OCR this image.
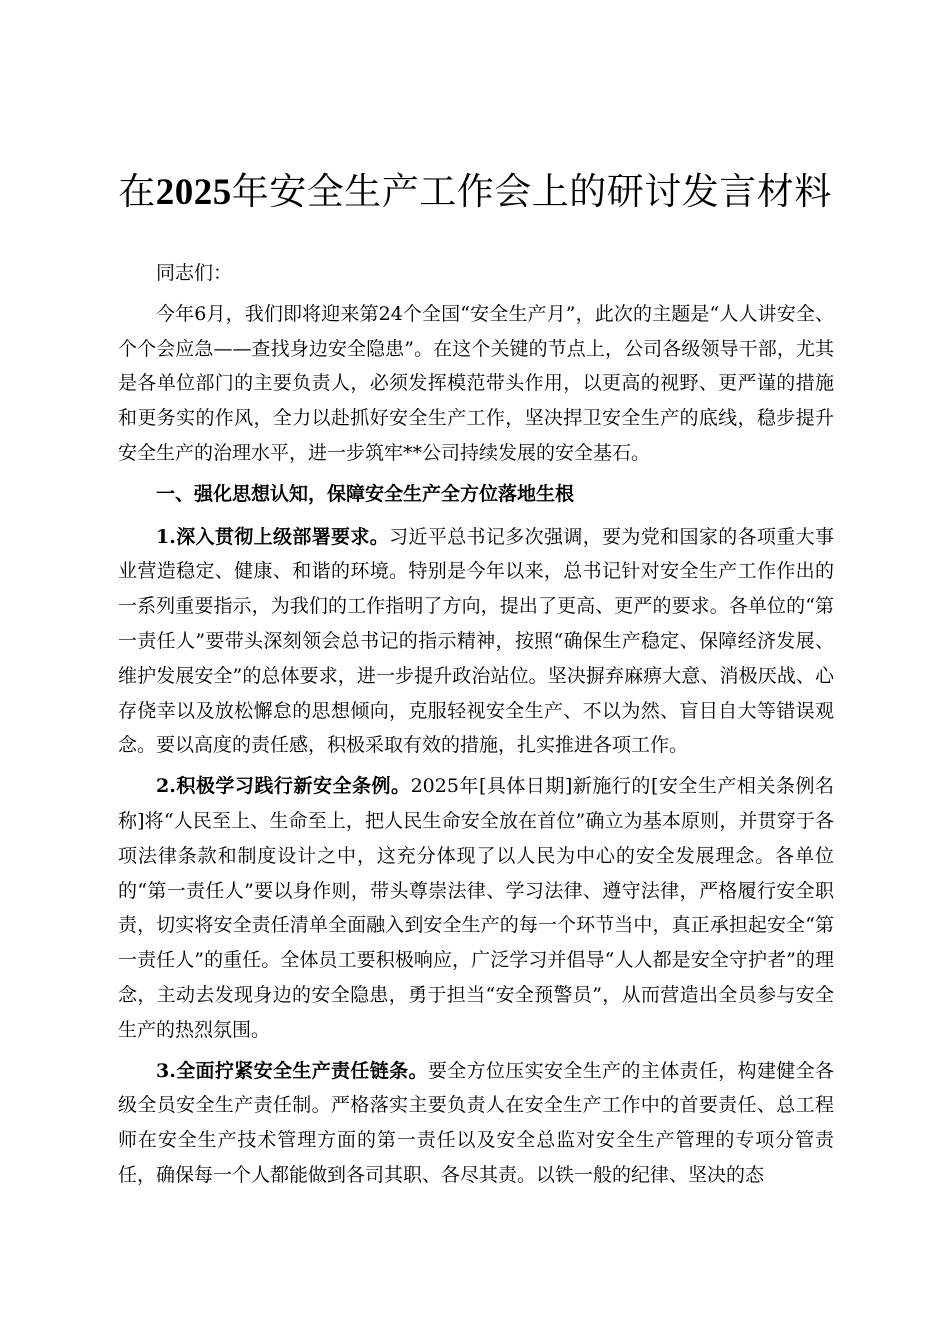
在2025年安全生产工作会上的研讨发言材料

同志们：

今年6月，我们即将迎来第24个全国“安全生产月”，此次的主题是“人人讲安全、个个会应急——查找身边安全隐患”。在这个关键的节点上，公司各级领导干部，尤其是各单位部门的主要负责人，必须发挥模范带头作用，以更高的视野、更严谨的措施和更务实的作风，全力以赴抓好安全生产工作，坚决捍卫安全生产的底线，稳步提升安全生产的治理水平，进一步筑牢**公司持续发展的安全基石。

一、强化思想认知，保障安全生产全方位落地生根

1.深入贯彻上级部署要求。习近平总书记多次强调，要为党和国家的各项重大事业营造稳定、健康、和谐的环境。特别是今年以来，总书记针对安全生产工作作出的一系列重要指示，为我们的工作指明了方向，提出了更高、更严的要求。各单位的“第一责任人”要带头深刻领会总书记的指示精神，按照“确保生产稳定、保障经济发展、维护发展安全”的总体要求，进一步提升政治站位。坚决摒弃麻痹大意、消极厌战、心存侥幸以及放松懈怠的思想倾向，克服轻视安全生产、不以为然、盲目自大等错误观念。要以高度的责任感，积极采取有效的措施，扎实推进各项工作。

2.积极学习践行新安全条例。2025年[具体日期]新施行的[安全生产相关条例名称]将“人民至上、生命至上，把人民生命安全放在首位”确立为基本原则，并贯穿于各项法律条款和制度设计之中，这充分体现了以人民为中心的安全发展理念。各单位的“第一责任人”要以身作则，带头尊崇法律、学习法律、遵守法律，严格履行安全职责，切实将安全责任清单全面融入到安全生产的每一个环节当中，真正承担起安全“第一责任人”的重任。全体员工要积极响应，广泛学习并倡导“人人都是安全守护者”的理念，主动去发现身边的安全隐患，勇于担当“安全预警员”，从而营造出全员参与安全生产的热烈氛围。

3.全面拧紧安全生产责任链条。要全方位压实安全生产的主体责任，构建健全各级全员安全生产责任制。严格落实主要负责人在安全生产工作中的首要责任、总工程师在安全生产技术管理方面的第一责任以及安全总监对安全生产管理的专项分管责任，确保每一个人都能做到各司其职、各尽其责。以铁一般的纪律、坚决的态
